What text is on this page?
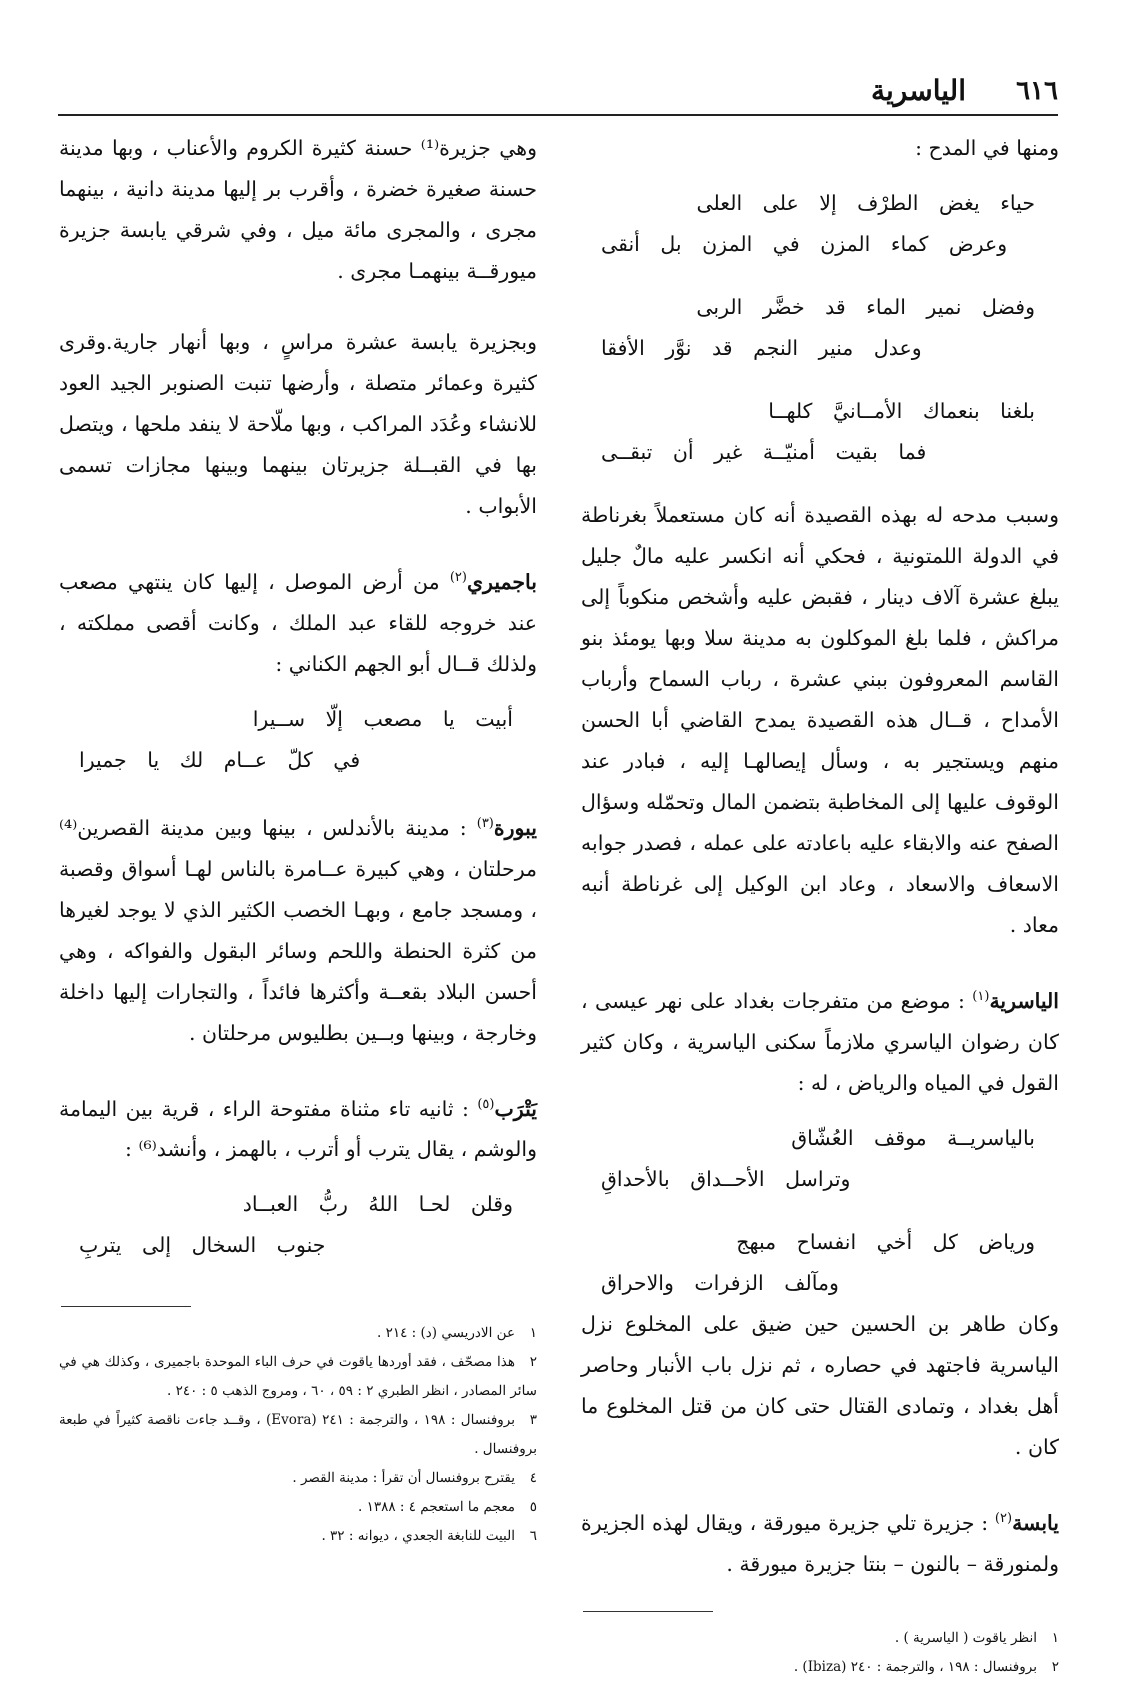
٦١٦
الياسرية

ومنها في المدح :

حياء يغض الطرْف إلا على العلى
وعرض كماء المزن في المزن بل أنقى
وفضل نمير الماء قد خضَّر الربى
وعدل منير النجم قد نوَّر الأفقا
بلغنا بنعماك الأمــانيَّ كلهــا
فما بقيت أمنيّــة غير أن تبقــى

وسبب مدحه له بهذه القصيدة أنه كان مستعملاً بغرناطة في الدولة اللمتونية ، فحكي أنه انكسر عليه مالٌ جليل يبلغ عشرة آلاف دينار ، فقبض عليه وأشخص منكوباً إلى مراكش ، فلما بلغ الموكلون به مدينة سلا وبها يومئذ بنو القاسم المعروفون ببني عشرة ، رباب السماح وأرباب الأمداح ، قــال هذه القصيدة يمدح القاضي أبا الحسن منهم ويستجير به ، وسأل إيصالهـا إليه ، فبادر عند الوقوف عليها إلى المخاطبة بتضمن المال وتحمّله وسؤال الصفح عنه والابقاء عليه باعادته على عمله ، فصدر جوابه الاسعاف والاسعاد ، وعاد ابن الوكيل إلى غرناطة أنبه معاد .

الياسرية$^{(١)}$ : موضع من متفرجات بغداد على نهر عيسى ، كان رضوان الياسري ملازماً سكنى الياسرية ، وكان كثير القول في المياه والرياض ، له :

بالياسريــة موقف العُشّاق
وتراسل الأحــداق بالأحداقِ
ورياض كل أخي انفساح مبهج
ومآلف الزفرات والاحراق

وكان طاهر بن الحسين حين ضيق على المخلوع نزل الياسرية فاجتهد في حصاره ، ثم نزل باب الأنبار وحاصر أهل بغداد ، وتمادى القتال حتى كان من قتل المخلوع ما كان .

يابسة$^{(٢)}$ : جزيرة تلي جزيرة ميورقة ، ويقال لهذه الجزيرة ولمنورقة – بالنون – بنتا جزيرة ميورقة .

١انظر ياقوت ( الياسرية ) .
٢بروفنسال : ١٩٨ ، والترجمة : ٢٤٠ (Ibiza) .

وهي جزيرة⁽¹⁾ حسنة كثيرة الكروم والأعناب ، وبها مدينة حسنة صغيرة خضرة ، وأقرب بر إليها مدينة دانية ، بينهما مجرى ، والمجرى مائة ميل ، وفي شرقي يابسة جزيرة ميورقــة بينهمـا مجرى .

وبجزيرة يابسة عشرة مراسٍ ، وبها أنهار جارية.وقرى كثيرة وعمائر متصلة ، وأرضها تنبت الصنوبر الجيد العود للانشاء وعُدَد المراكب ، وبها ملّاحة لا ينفد ملحها ، ويتصل بها في القبــلة جزيرتان بينهما وبينها مجازات تسمى الأبواب .

باجميري$^{(٢)}$ من أرض الموصل ، إليها كان ينتهي مصعب عند خروجه للقاء عبد الملك ، وكانت أقصى مملكته ، ولذلك قــال أبو الجهم الكناني :

أبيت يا مصعب إلّا ســيرا
في كلّ عــام لك يا جميرا

يبورة$^{(٣)}$ : مدينة بالأندلس ، بينها وبين مدينة القصرين⁽⁴⁾ مرحلتان ، وهي كبيرة عــامرة بالناس لهـا أسواق وقصبة ، ومسجد جامع ، وبهـا الخصب الكثير الذي لا يوجد لغيرها من كثرة الحنطة واللحم وسائر البقول والفواكه ، وهي أحسن البلاد بقعــة وأكثرها فائداً ، والتجارات إليها داخلة وخارجة ، وبينها وبــين بطليوس مرحلتان .

يَتْرَب$^{(٥)}$ : ثانيه تاء مثناة مفتوحة الراء ، قرية بين اليمامة والوشم ، يقال يترب أو أترب ، بالهمز ، وأنشد⁽⁶⁾ :

وقلن لحـا اللهُ ربُّ العبــاد
جنوب السخال إلى يتربِ
١عن الادريسي (د) : ٢١٤ .
٢هذا مصحّف ، فقد أوردها ياقوت في حرف الباء الموحدة باجميرى ، وكذلك هي في سائر المصادر ، انظر الطبري ٢ : ٥٩ ، ٦٠ ، ومروج الذهب ٥ : ٢٤٠ .
٣بروفنسال : ١٩٨ ، والترجمة : ٢٤١ (Evora) ، وقــد جاءت ناقصة كثيراً في طبعة بروفنسال .
٤يقترح بروفنسال أن تقرأ : مدينة القصر .
٥معجم ما استعجم ٤ : ١٣٨٨ .
٦البيت للنابغة الجعدي ، ديوانه : ٣٢ .
